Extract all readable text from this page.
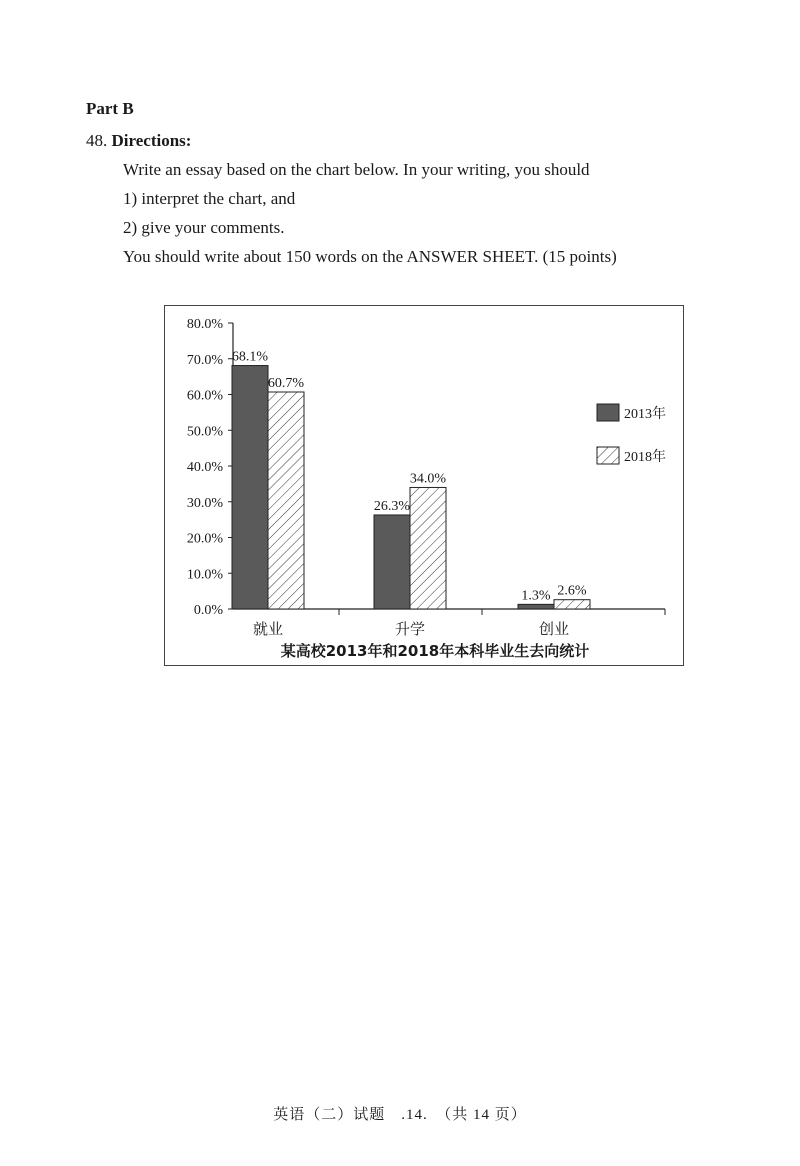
Part B
48. Directions:
Write an essay based on the chart below. In your writing, you should
1) interpret the chart, and
2) give your comments.
You should write about 150 words on the ANSWER SHEET. (15 points)
0.0%
10.0%
20.0%
30.0%
40.0%
50.0%
60.0%
70.0%
80.0%
68.1%
60.7%
就业
26.3%
34.0%
升学
1.3% 2.6%
创业
2013年
2018年
某高校2013年和2018年本科毕业生去向统计
英语（二）试题　.14.　（共 14 页）
